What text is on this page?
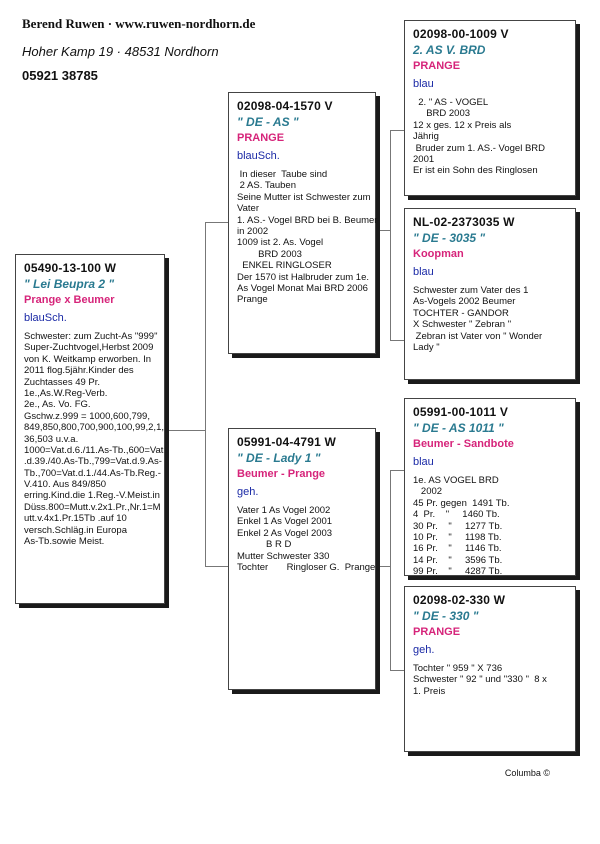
Berend Ruwen · www.ruwen-nordhorn.de
Hoher Kamp 19 · 48531 Nordhorn
05921 38785
05490-13-100 W
" Lei Beupra 2 "
Prange x Beumer
blauSch.
Schwester: zum Zucht-As "999"
Super-Zuchtvogel,Herbst 2009
von K. Weitkamp erworben. In
2011 flog.5jähr.Kinder des
Zuchtasses 49 Pr.
1e.,As.W.Reg-Verb.
2e., As. Vo. FG.
Gschw.z.999 = 1000,600,799,
849,850,800,700,900,100,99,2,1,
36,503 u.v.a.
1000=Vat.d.6./11.As-Tb.,600=Vat
.d.39./40.As-Tb.,799=Vat.d.9.As-
Tb.,700=Vat.d.1./44.As-Tb.Reg.-
V.410. Aus 849/850
erring.Kind.die 1.Reg.-V.Meist.in
Düss.800=Mutt.v.2x1.Pr.,Nr.1=M
utt.v.4x1.Pr.15Tb .auf 10
versch.Schläg.in Europa
As-Tb.sowie Meist.
02098-04-1570 V
" DE - AS "
PRANGE
blauSch.
In dieser  Taube sind
2 AS. Tauben
Seine Mutter ist Schwester zum
Vater
1. AS.- Vogel BRD bei B. Beumer
in 2002
1009 ist 2. As. Vogel
BRD 2003
ENKEL RINGLOSER
Der 1570 ist Halbruder zum 1e.
As Vogel Monat Mai BRD 2006
Prange
05991-04-4791 W
" DE - Lady 1 "
Beumer - Prange
geh.
Vater 1 As Vogel 2002
Enkel 1 As Vogel 2001
Enkel 2 As Vogel 2003
B R D
Mutter Schwester 330
Tochter       Ringloser G.  Prange
02098-00-1009 V
2. AS V. BRD
PRANGE
blau
2. " AS - VOGEL
BRD 2003
12 x ges. 12 x Preis als
Jährig
Bruder zum 1. AS.- Vogel BRD
2001
Er ist ein Sohn des Ringlosen
NL-02-2373035 W
" DE - 3035 "
Koopman
blau
Schwester zum Vater des 1
As-Vogels 2002 Beumer
TOCHTER - GANDOR
X Schwester " Zebran "
Zebran ist Vater von " Wonder
Lady "
05991-00-1011 V
" DE - AS 1011 "
Beumer - Sandbote
blau
1e. AS VOGEL BRD
2002
45 Pr. gegen  1491 Tb.
4  Pr.    "     1460 Tb.
30 Pr.    "     1277 Tb.
10 Pr.    "     1198 Tb.
16 Pr.    "     1146 Tb.
14 Pr.    "     3596 Tb.
99 Pr.    "     4287 Tb.
02098-02-330 W
" DE - 330 "
PRANGE
geh.
Tochter " 959 " X 736
Schwester " 92 " und "330 "  8 x
1. Preis
Columba ©
